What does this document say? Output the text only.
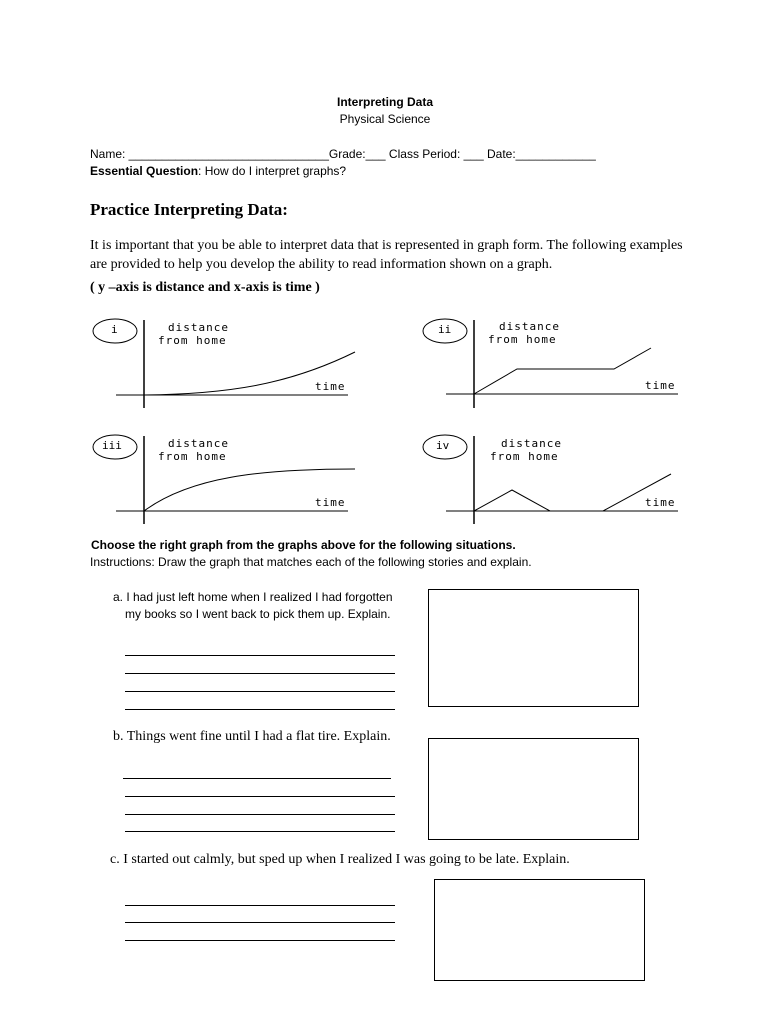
Interpreting Data
Physical Science
Name: ______________________________Grade:___ Class Period: ___ Date:____________
Essential Question: How do I interpret graphs?
Practice Interpreting Data:
It is important that you be able to interpret data that is represented in graph form. The following examples are provided to help you develop the ability to read information shown on a graph.
( y –axis is distance and x-axis is time )
i	distance
from home
time
ii	distance
from home
time
iii	distance
from home
time
iv	distance
from home
time
Choose the right graph from the graphs above for the following situations.
Instructions: Draw the graph that matches each of the following stories and explain.
a. I had just left home when I realized I had forgotten
my books so I went back to pick them up. Explain.
b. Things went fine until I had a flat tire. Explain.
c. I started out calmly, but sped up when I realized I was going to be late. Explain.
